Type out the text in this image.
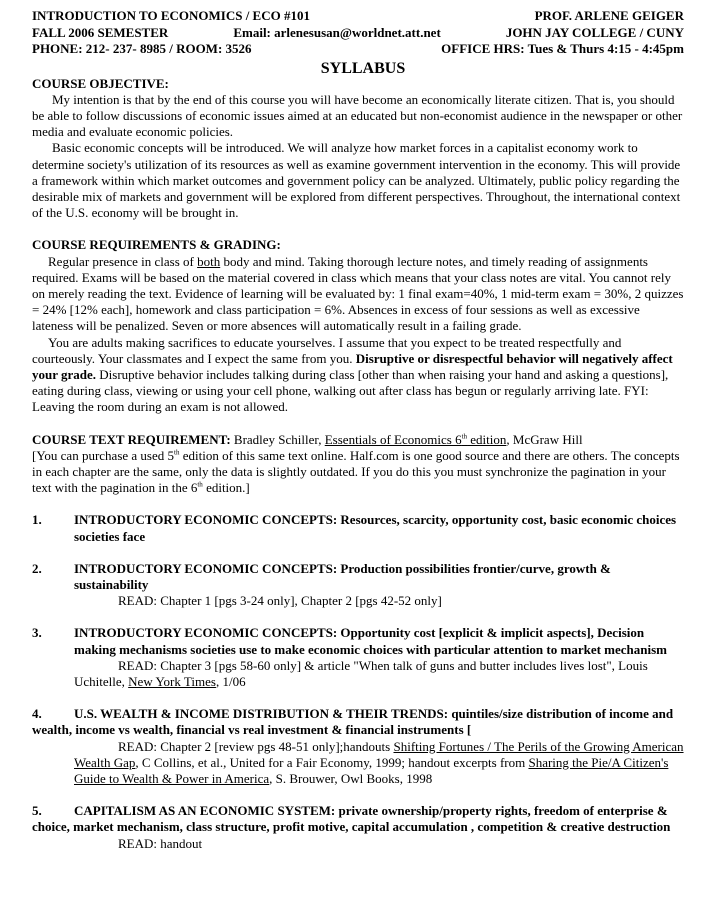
INTRODUCTION TO ECONOMICS / ECO #101	PROF. ARLENE GEIGER
FALL 2006 SEMESTER	Email: arlenesusan@worldnet.att.net	JOHN JAY COLLEGE / CUNY
PHONE: 212- 237- 8985 / ROOM: 3526	OFFICE HRS: Tues & Thurs 4:15 - 4:45pm
SYLLABUS
COURSE OBJECTIVE:
My intention is that by the end of this course you will have become an economically literate citizen. That is, you should be able to follow discussions of economic issues aimed at an educated but non-economist audience in the newspaper or other media and evaluate economic policies.
Basic economic concepts will be introduced. We will analyze how market forces in a capitalist economy work to determine society's utilization of its resources as well as examine government intervention in the economy. This will provide a framework within which market outcomes and government policy can be analyzed. Ultimately, public policy regarding the desirable mix of markets and government will be explored from different perspectives. Throughout, the international context of the U.S. economy will be brought in.
COURSE REQUIREMENTS & GRADING:
Regular presence in class of both body and mind. Taking thorough lecture notes, and timely reading of assignments required. Exams will be based on the material covered in class which means that your class notes are vital. You cannot rely on merely reading the text. Evidence of learning will be evaluated by: 1 final exam=40%, 1 mid-term exam = 30%, 2 quizzes = 24% [12% each], homework and class participation = 6%. Absences in excess of four sessions as well as excessive lateness will be penalized. Seven or more absences will automatically result in a failing grade.
You are adults making sacrifices to educate yourselves. I assume that you expect to be treated respectfully and courteously. Your classmates and I expect the same from you. Disruptive or disrespectful behavior will negatively affect your grade. Disruptive behavior includes talking during class [other than when raising your hand and asking a questions], eating during class, viewing or using your cell phone, walking out after class has begun or regularly arriving late. FYI: Leaving the room during an exam is not allowed.
COURSE TEXT REQUIREMENT: Bradley Schiller, Essentials of Economics 6th edition, McGraw Hill
[You can purchase a used 5th edition of this same text online. Half.com is one good source and there are others. The concepts in each chapter are the same, only the data is slightly outdated. If you do this you must synchronize the pagination in your text with the pagination in the 6th edition.]
1.	INTRODUCTORY ECONOMIC CONCEPTS: Resources, scarcity, opportunity cost, basic economic choices societies face
2.	INTRODUCTORY ECONOMIC CONCEPTS: Production possibilities frontier/curve, growth & sustainability
READ: Chapter 1 [pgs 3-24 only], Chapter 2 [pgs 42-52 only]
3.	INTRODUCTORY ECONOMIC CONCEPTS: Opportunity cost [explicit & implicit aspects], Decision making mechanisms societies use to make economic choices with particular attention to market mechanism
READ: Chapter 3 [pgs 58-60 only] & article "When talk of guns and butter includes lives lost", Louis Uchitelle, New York Times, 1/06
4. U.S. WEALTH & INCOME DISTRIBUTION & THEIR TRENDS: quintiles/size distribution of income and wealth, income vs wealth, financial vs real investment & financial instruments [
READ: Chapter 2 [review pgs 48-51 only];handouts Shifting Fortunes / The Perils of the Growing American Wealth Gap, C Collins, et al., United for a Fair Economy, 1999; handout excerpts from Sharing the Pie/A Citizen's Guide to Wealth & Power in America, S. Brouwer, Owl Books, 1998
5. CAPITALISM AS AN ECONOMIC SYSTEM: private ownership/property rights, freedom of enterprise & choice, market mechanism, class structure, profit motive, capital accumulation , competition & creative destruction
READ: handout
